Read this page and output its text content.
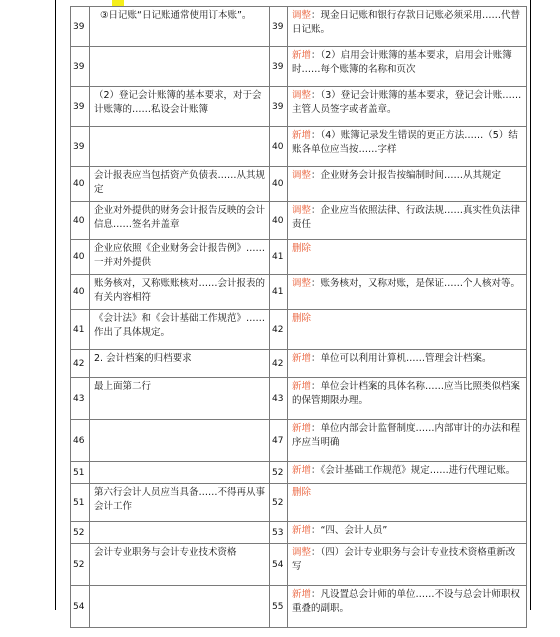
39	③日记账“日记账通常使用订本账”。	39	调整：现金日记账和银行存款日记账必须采用……代替日记账。
39		39	新增：（2）启用会计账簿的基本要求，启用会计账簿时……每个账簿的名称和页次
39	（2）登记会计账簿的基本要求，对于会计账簿的……私设会计账簿	39	调整：（3）登记会计账簿的基本要求，登记会计账……主管人员签字或者盖章。
39		40	新增：（4）账簿记录发生错误的更正方法……（5）结账各单位应当按……字样
40	会计报表应当包括资产负债表……从其规定	40	调整：企业财务会计报告按编制时间……从其规定
40	企业对外提供的财务会计报告反映的会计信息……签名并盖章	40	调整：企业应当依照法律、行政法规……真实性负法律责任
40	企业应依照《企业财务会计报告例》……一并对外提供	41	删除
40	账务核对，又称账账核对……会计报表的有关内容相符	41	调整：账务核对，又称对账，是保证……个人核对等。
41	《会计法》和《会计基础工作规范》……作出了具体规定。	42	删除
42	2. 会计档案的归档要求	42	新增：单位可以利用计算机……管理会计档案。
43	最上面第二行	43	新增：单位会计档案的具体名称……应当比照类似档案的保管期限办理。
46		47	新增：单位内部会计监督制度……内部审计的办法和程序应当明确
51		52	新增：《会计基础工作规范》规定……进行代理记账。
51	第六行会计人员应当具备……不得再从事会计工作	52	删除
52		53	新增：“四、会计人员”
52	会计专业职务与会计专业技术资格	54	调整：（四）会计专业职务与会计专业技术资格重新改写
54		55	新增：凡设置总会计师的单位……不设与总会计师职权重叠的副职。
